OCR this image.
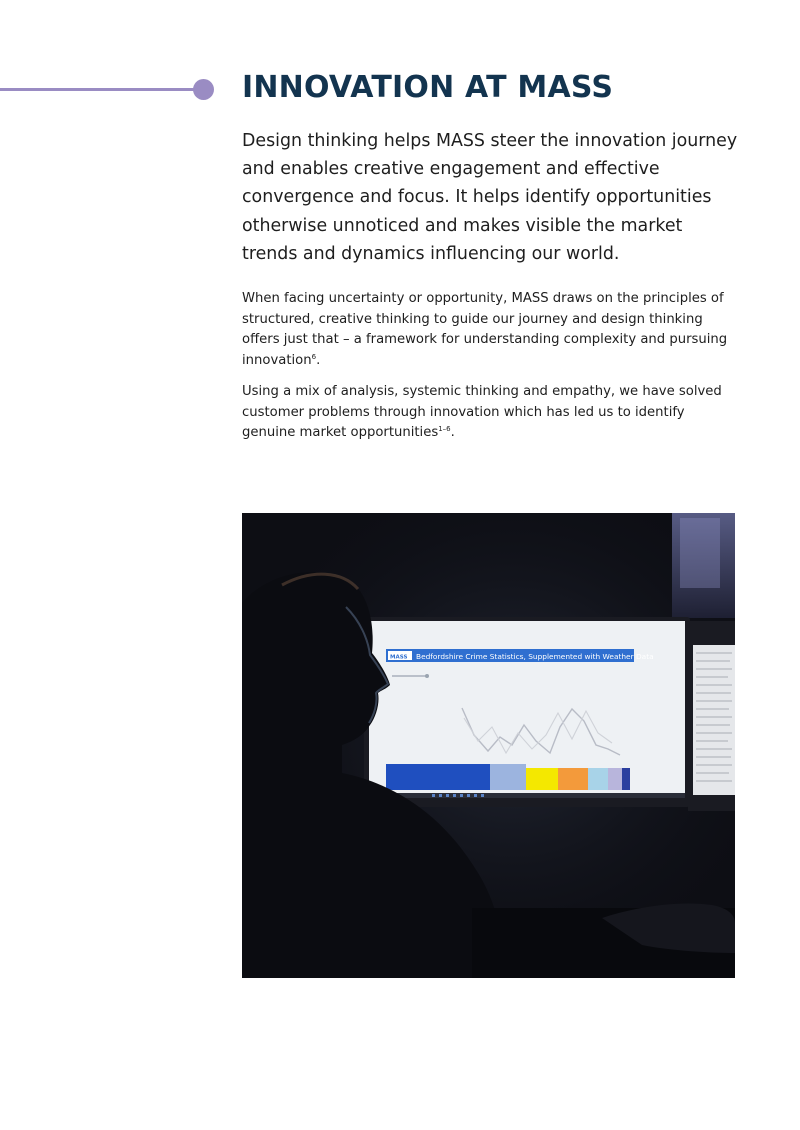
INNOVATION AT MASS

Design thinking helps MASS steer the innovation journey and enables creative engagement and effective convergence and focus. It helps identify opportunities otherwise unnoticed and makes visible the market trends and dynamics influencing our world.

When facing uncertainty or opportunity, MASS draws on the principles of structured, creative thinking to guide our journey and design thinking offers just that – a framework for understanding complexity and pursuing innovation$^6$.

Using a mix of analysis, systemic thinking and empathy, we have solved customer problems through innovation which has led us to identify genuine market opportunities$^{1-6}$.

MASS Bedfordshire Crime Statistics, Supplemented with Weather Data
